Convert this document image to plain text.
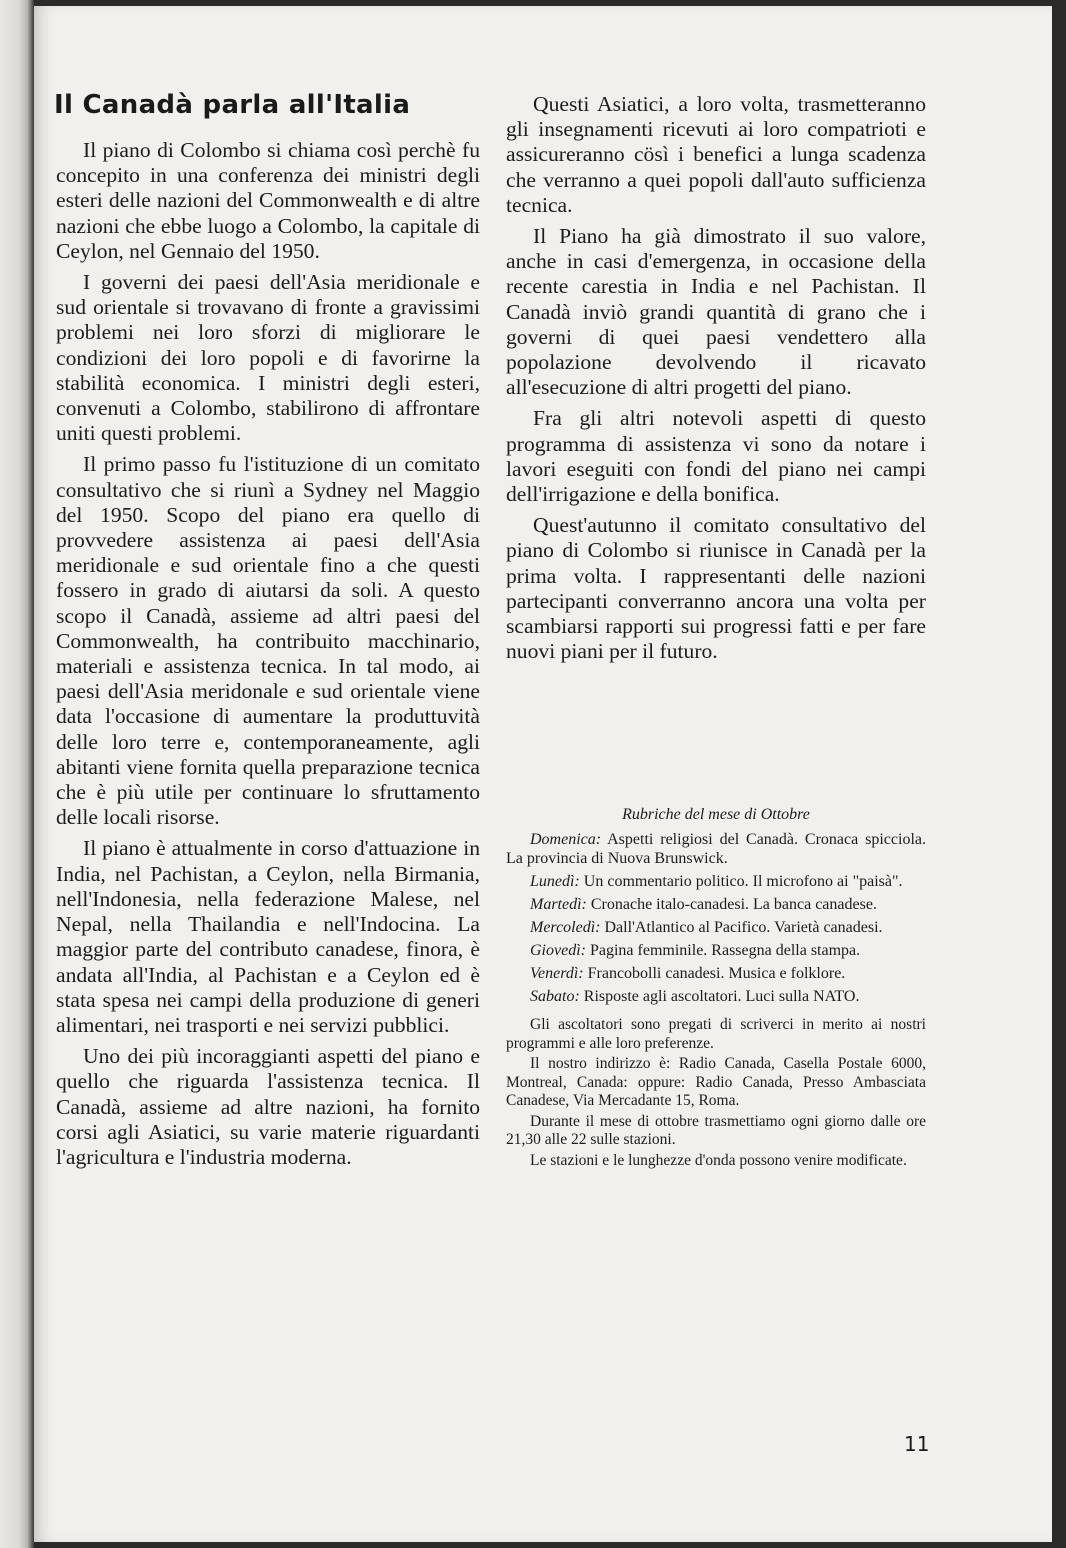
Il Canadà parla all'Italia

Il piano di Colombo si chiama così perchè fu concepito in una conferenza dei ministri degli esteri delle nazioni del Commonwealth e di altre nazioni che ebbe luogo a Colombo, la capitale di Ceylon, nel Gennaio del 1950.

I governi dei paesi dell'Asia meridionale e sud orientale si trovavano di fronte a gravissimi problemi nei loro sforzi di migliorare le condizioni dei loro popoli e di favorirne la stabilità economica. I ministri degli esteri, convenuti a Colombo, stabilirono di affrontare uniti questi problemi.

Il primo passo fu l'istituzione di un comitato consultativo che si riunì a Sydney nel Maggio del 1950. Scopo del piano era quello di provvedere assistenza ai paesi dell'Asia meridionale e sud orientale fino a che questi fossero in grado di aiutarsi da soli. A questo scopo il Canadà, assieme ad altri paesi del Commonwealth, ha contribuito macchinario, materiali e assistenza tecnica. In tal modo, ai paesi dell'Asia meridonale e sud orientale viene data l'occasione di aumentare la produttuvità delle loro terre e, contemporaneamente, agli abitanti viene fornita quella preparazione tecnica che è più utile per continuare lo sfruttamento delle locali risorse.

Il piano è attualmente in corso d'attuazione in India, nel Pachistan, a Ceylon, nella Birmania, nell'Indonesia, nella federazione Malese, nel Nepal, nella Thailandia e nell'Indocina. La maggior parte del contributo canadese, finora, è andata all'India, al Pachistan e a Ceylon ed è stata spesa nei campi della produzione di generi alimentari, nei trasporti e nei servizi pubblici.

Uno dei più incoraggianti aspetti del piano e quello che riguarda l'assistenza tecnica. Il Canadà, assieme ad altre nazioni, ha fornito corsi agli Asiatici, su varie materie riguardanti l'agricultura e l'industria moderna.

Questi Asiatici, a loro volta, trasmetteranno gli insegnamenti ricevuti ai loro compatrioti e assicureranno cösì i benefici a lunga scadenza che verranno a quei popoli dall'auto sufficienza tecnica.

Il Piano ha già dimostrato il suo valore, anche in casi d'emergenza, in occasione della recente carestia in India e nel Pachistan. Il Canadà inviò grandi quantità di grano che i governi di quei paesi vendettero alla popolazione devolvendo il ricavato all'esecuzione di altri progetti del piano.

Fra gli altri notevoli aspetti di questo programma di assistenza vi sono da notare i lavori eseguiti con fondi del piano nei campi dell'irrigazione e della bonifica.

Quest'autunno il comitato consultativo del piano di Colombo si riunisce in Canadà per la prima volta. I rappresentanti delle nazioni partecipanti converranno ancora una volta per scambiarsi rapporti sui progressi fatti e per fare nuovi piani per il futuro.

Rubriche del mese di Ottobre

Domenica: Aspetti religiosi del Canadà. Cronaca spicciola. La provincia di Nuova Brunswick.

Lunedì: Un commentario politico. Il microfono ai "paisà".

Martedì: Cronache italo-canadesi. La banca canadese.

Mercoledì: Dall'Atlantico al Pacifico. Varietà canadesi.

Giovedì: Pagina femminile. Rassegna della stampa.

Venerdì: Francobolli canadesi. Musica e folklore.

Sabato: Risposte agli ascoltatori. Luci sulla NATO.

Gli ascoltatori sono pregati di scriverci in merito ai nostri programmi e alle loro preferenze.

Il nostro indirizzo è: Radio Canada, Casella Postale 6000, Montreal, Canada: oppure: Radio Canada, Presso Ambasciata Canadese, Via Mercadante 15, Roma.

Durante il mese di ottobre trasmettiamo ogni giorno dalle ore 21,30 alle 22 sulle stazioni.

Le stazioni e le lunghezze d'onda possono venire modificate.

11
